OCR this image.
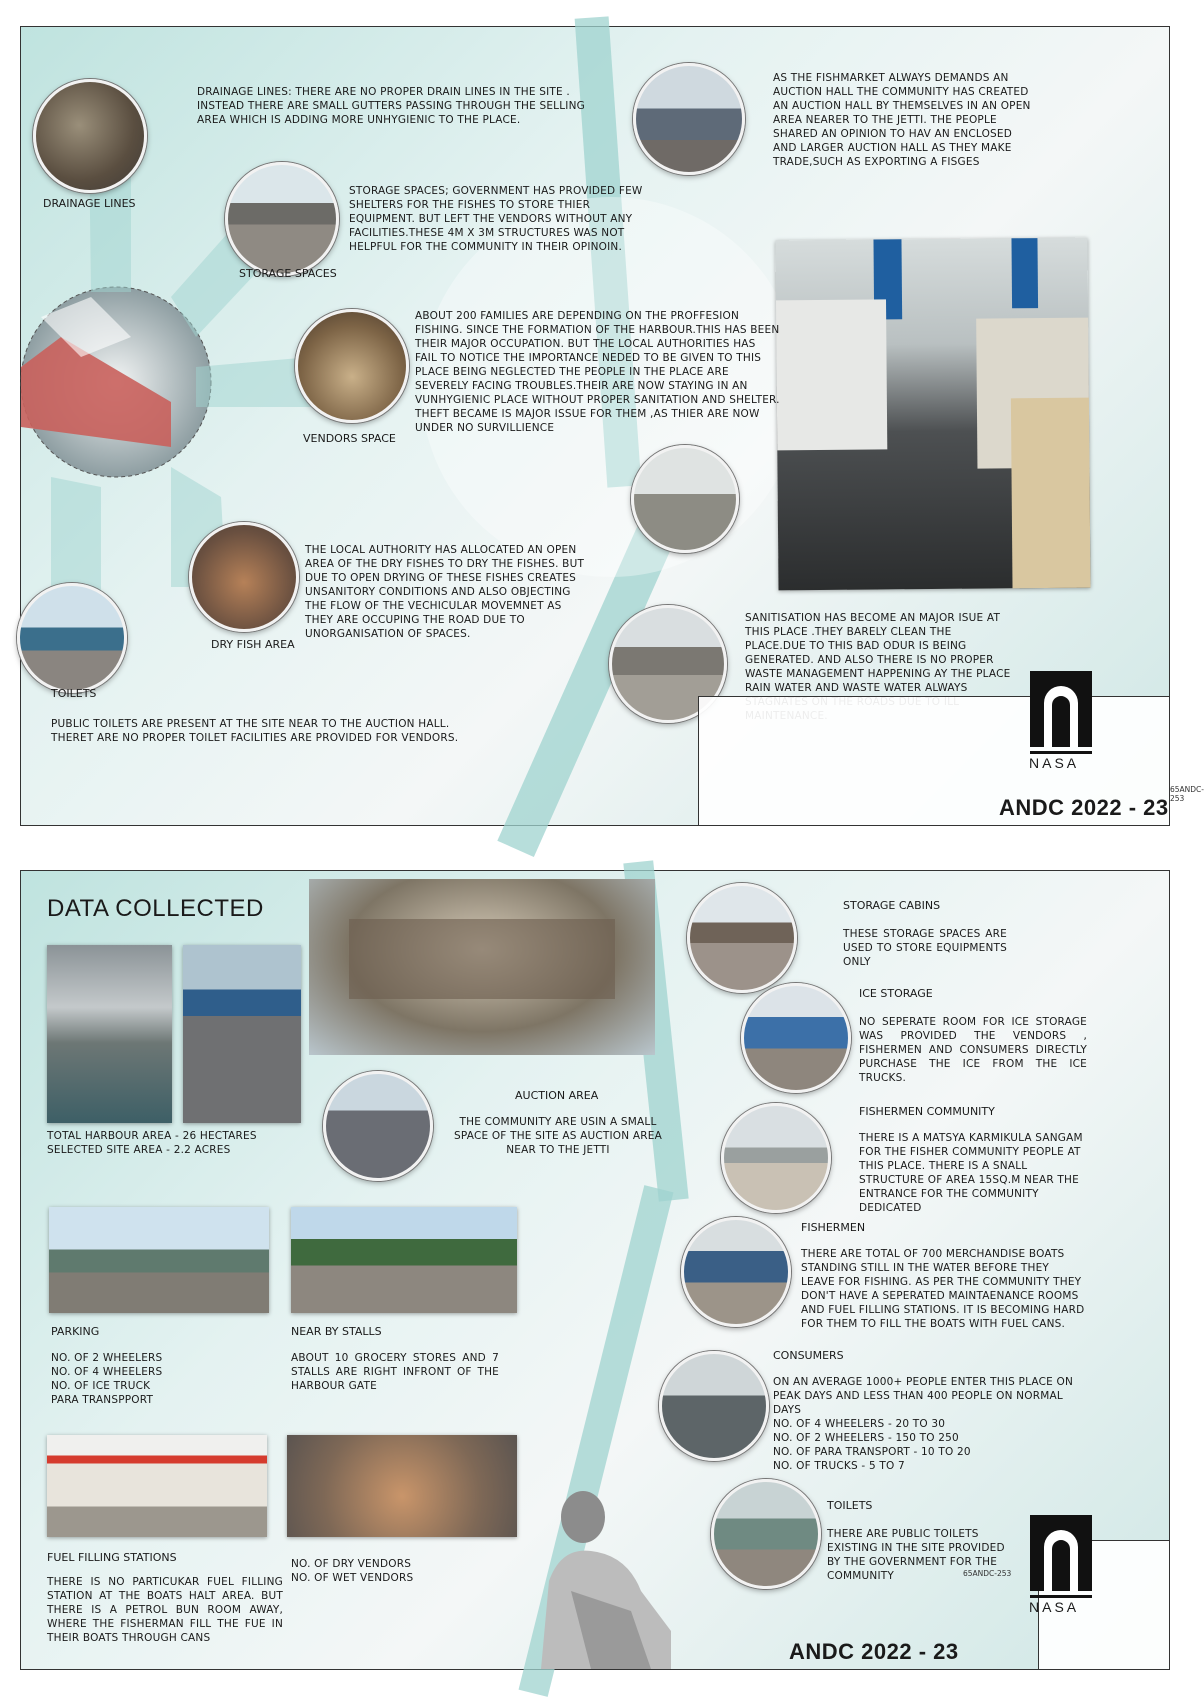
DRAINAGE LINES: THERE ARE NO PROPER DRAIN LINES IN THE SITE . INSTEAD THERE ARE SMALL GUTTERS PASSING THROUGH THE SELLING AREA WHICH IS ADDING MORE UNHYGIENIC TO THE PLACE.
DRAINAGE LINES
STORAGE SPACES; GOVERNMENT HAS PROVIDED FEW SHELTERS FOR THE FISHES TO STORE THIER EQUIPMENT. BUT LEFT THE VENDORS WITHOUT ANY FACILITIES.THESE 4M X 3M STRUCTURES WAS NOT HELPFUL FOR THE COMMUNITY IN THEIR OPINOIN.
STORAGE SPACES
AS THE FISHMARKET ALWAYS DEMANDS AN AUCTION HALL THE COMMUNITY HAS CREATED AN AUCTION HALL BY THEMSELVES IN AN OPEN AREA NEARER TO THE JETTI. THE PEOPLE SHARED AN OPINION TO HAV AN ENCLOSED AND LARGER AUCTION HALL AS THEY MAKE TRADE,SUCH AS EXPORTING A FISGES
ABOUT 200 FAMILIES ARE DEPENDING ON THE PROFFESION FISHING. SINCE THE FORMATION OF THE HARBOUR.THIS HAS BEEN THEIR MAJOR OCCUPATION. BUT THE LOCAL AUTHORITIES HAS FAIL TO NOTICE THE IMPORTANCE NEDED TO BE GIVEN TO THIS PLACE BEING NEGLECTED THE PEOPLE IN THE PLACE ARE SEVERELY FACING TROUBLES.THEIR ARE NOW STAYING IN AN VUNHYGIENIC PLACE WITHOUT PROPER SANITATION AND SHELTER. THEFT BECAME IS MAJOR ISSUE FOR THEM ,AS THIER ARE NOW UNDER NO SURVILLIENCE
VENDORS SPACE
THE LOCAL AUTHORITY HAS ALLOCATED AN OPEN AREA OF THE DRY FISHES TO DRY THE FISHES. BUT DUE TO OPEN DRYING OF THESE FISHES CREATES UNSANITORY CONDITIONS AND ALSO OBJECTING THE FLOW OF THE VECHICULAR MOVEMNET AS THEY ARE OCCUPING THE ROAD DUE TO UNORGANISATION OF SPACES.
DRY FISH AREA
TOILETS
PUBLIC TOILETS ARE PRESENT AT THE SITE NEAR TO THE AUCTION HALL. THERET ARE NO PROPER TOILET FACILITIES ARE PROVIDED FOR VENDORS.
SANITISATION HAS BECOME AN MAJOR ISUE AT THIS PLACE .THEY BARELY CLEAN THE PLACE.DUE TO THIS BAD ODUR IS BEING GENERATED. AND ALSO THERE IS NO PROPER WASTE MANAGEMENT HAPPENING AY THE PLACE RAIN WATER AND WASTE WATER ALWAYS
ANDC 2022 - 23
65ANDC-253
NASA
DATA COLLECTED
TOTAL HARBOUR AREA - 26 HECTARES
SELECTED SITE AREA - 2.2 ACRES
AUCTION AREA
THE COMMUNITY ARE USIN A SMALL SPACE OF THE SITE AS AUCTION AREA NEAR TO THE JETTI
PARKING
NO. OF 2 WHEELERS
NO. OF 4 WHEELERS
NO. OF ICE TRUCK
PARA TRANSPPORT
NEAR BY STALLS
ABOUT 10 GROCERY STORES AND 7 STALLS ARE RIGHT INFRONT OF THE HARBOUR GATE
FUEL FILLING STATIONS
THERE IS NO PARTICUKAR FUEL FILLING STATION AT THE BOATS HALT AREA. BUT THERE IS A PETROL BUN ROOM AWAY, WHERE THE FISHERMAN FILL THE FUE IN THEIR BOATS THROUGH CANS
NO. OF DRY VENDORS
NO. OF WET VENDORS
STORAGE CABINS
THESE STORAGE SPACES ARE USED TO STORE EQUIPMENTS ONLY
ICE STORAGE
NO SEPERATE ROOM FOR ICE STORAGE WAS PROVIDED THE VENDORS , FISHERMEN AND CONSUMERS DIRECTLY PURCHASE THE ICE FROM THE ICE TRUCKS.
FISHERMEN COMMUNITY
THERE IS A MATSYA KARMIKULA SANGAM FOR THE FISHER COMMUNITY PEOPLE AT THIS PLACE. THERE IS A SNALL STRUCTURE OF AREA 15SQ.M NEAR THE ENTRANCE FOR THE COMMUNITY DEDICATED
FISHERMEN
THERE ARE TOTAL OF 700 MERCHANDISE BOATS STANDING STILL IN THE WATER BEFORE THEY LEAVE FOR FISHING. AS PER THE COMMUNITY THEY DON'T HAVE A SEPERATED MAINTAENANCE ROOMS AND FUEL FILLING STATIONS. IT IS BECOMING HARD FOR THEM TO FILL THE BOATS WITH FUEL CANS.
CONSUMERS
ON AN AVERAGE 1000+ PEOPLE ENTER THIS PLACE ON PEAK DAYS AND LESS THAN 400 PEOPLE ON NORMAL DAYS
NO. OF 4 WHEELERS - 20 TO 30
NO. OF 2 WHEELERS - 150 TO 250
NO. OF PARA TRANSPORT - 10 TO 20
NO. OF TRUCKS - 5 TO 7
TOILETS
THERE ARE PUBLIC TOILETS EXISTING IN THE SITE PROVIDED BY THE GOVERNMENT FOR THE COMMUNITY
ANDC 2022 - 23
65ANDC-253
NASA
